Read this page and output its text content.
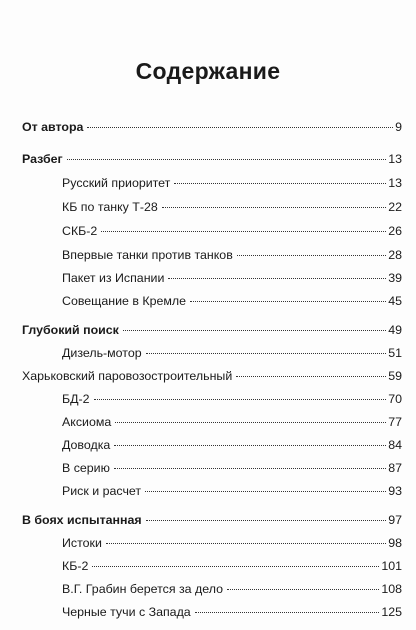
Содержание
От автора	9
Разбег	13
Русский приоритет	13
КБ по танку Т-28	22
СКБ-2	26
Впервые танки против танков	28
Пакет из Испании	39
Совещание в Кремле	45
Глубокий поиск	49
Дизель-мотор	51
Харьковский паровозостроительный	59
БД-2	70
Аксиома	77
Доводка	84
В серию	87
Риск и расчет	93
В боях испытанная	97
Истоки	98
КБ-2	101
В.Г. Грабин берется за дело	108
Черные тучи с Запада	125
